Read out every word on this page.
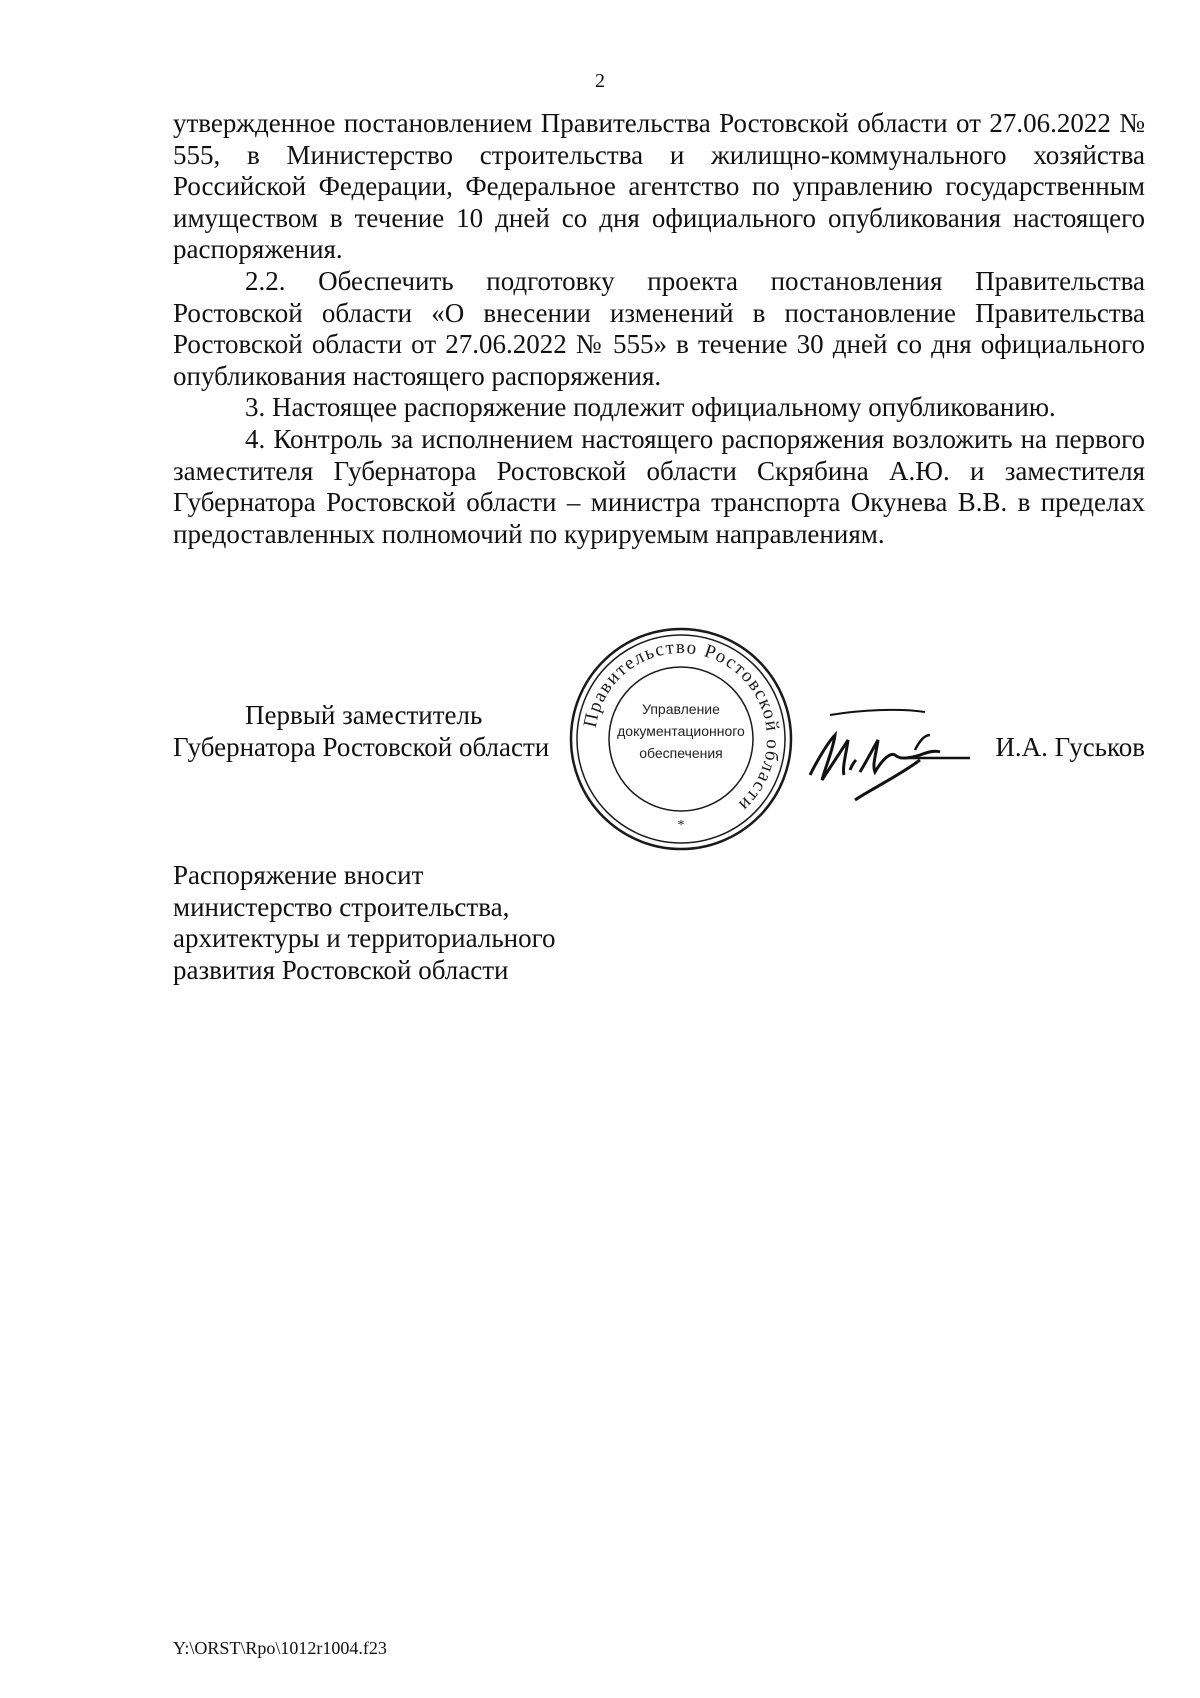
2

утвержденное постановлением Правительства Ростовской области от 27.06.2022 № 555, в Министерство строительства и жилищно-коммунального хозяйства Российской Федерации, Федеральное агентство по управлению государственным имуществом в течение 10 дней со дня официального опубликования настоящего распоряжения.

2.2. Обеспечить подготовку проекта постановления Правительства Ростовской области «О внесении изменений в постановление Правительства Ростовской области от 27.06.2022 № 555» в течение 30 дней со дня официального опубликования настоящего распоряжения.

3. Настоящее распоряжение подлежит официальному опубликованию.

4. Контроль за исполнением настоящего распоряжения возложить на первого заместителя Губернатора Ростовской области Скрябина А.Ю. и заместителя Губернатора Ростовской области – министра транспорта Окунева В.В. в пределах предоставленных полномочий по курируемым направлениям.

Первый заместитель
Губернатора Ростовской области
Правительство Ростовской области
*
Управление
документационного
обеспечения	И.А. Гуськов
Распоряжение вносит
министерство строительства,
архитектуры и территориального
развития Ростовской области
Y:\ORST\Rpo\1012r1004.f23
